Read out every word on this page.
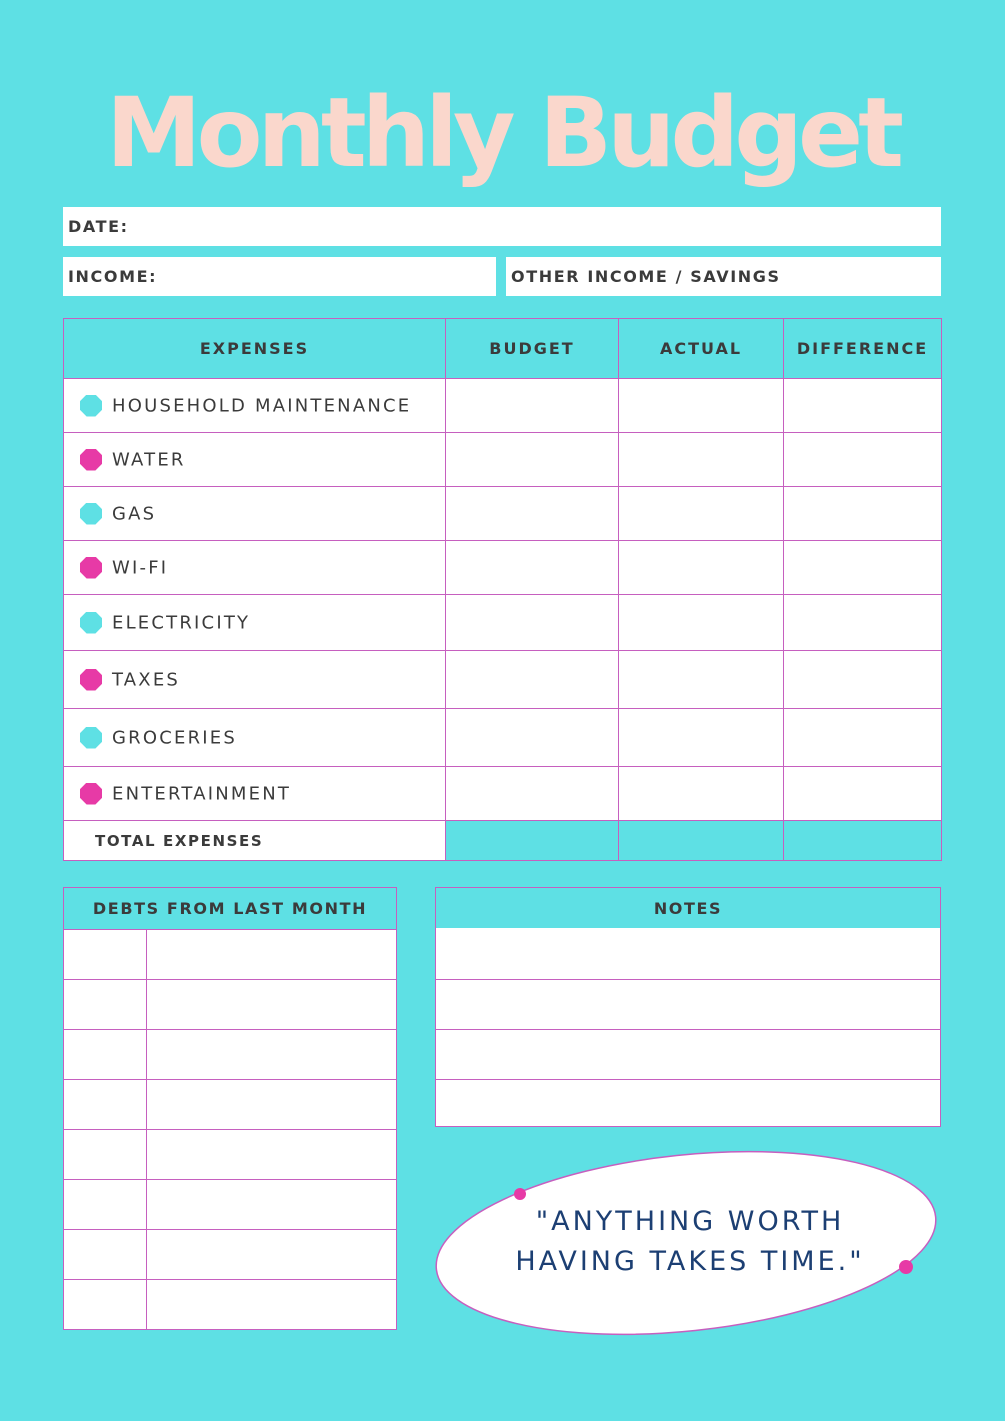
Monthly Budget
DATE:
INCOME:	OTHER INCOME / SAVINGS
EXPENSES	BUDGET	ACTUAL	DIFFERENCE
HOUSEHOLD MAINTENANCE			
WATER			
GAS			
WI-FI			
ELECTRICITY			
TAXES			
GROCERIES			
ENTERTAINMENT			
TOTAL EXPENSES			
DEBTS FROM LAST MONTH	NOTES
"ANYTHING WORTH
HAVING TAKES TIME."
